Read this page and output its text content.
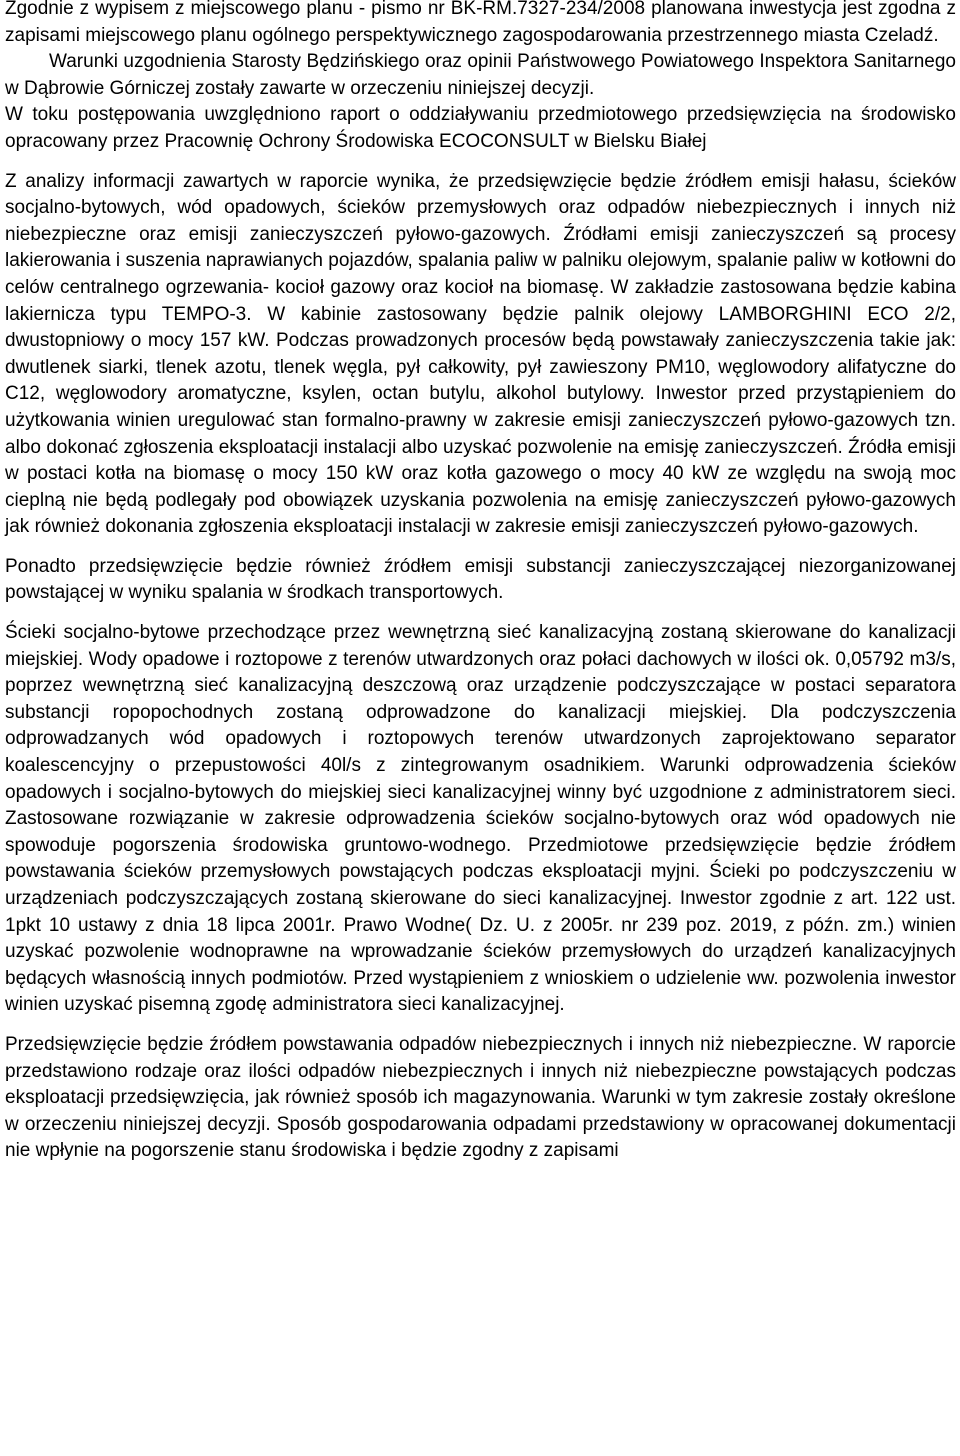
Zgodnie z wypisem z miejscowego planu - pismo nr BK-RM.7327-234/2008 planowana inwestycja jest zgodna z zapisami miejscowego planu ogólnego perspektywicznego zagospodarowania przestrzennego miasta Czeladź.

Warunki uzgodnienia Starosty Będzińskiego oraz opinii Państwowego Powiatowego Inspektora Sanitarnego w Dąbrowie Górniczej zostały zawarte w orzeczeniu niniejszej decyzji.

W toku postępowania uwzględniono raport o oddziaływaniu przedmiotowego przedsięwzięcia na środowisko opracowany przez Pracownię Ochrony Środowiska ECOCONSULT w Bielsku Białej

Z analizy informacji zawartych w raporcie wynika, że przedsięwzięcie będzie źródłem emisji hałasu, ścieków socjalno-bytowych, wód opadowych, ścieków przemysłowych oraz odpadów niebezpiecznych i innych niż niebezpieczne oraz emisji zanieczyszczeń pyłowo-gazowych. Źródłami emisji zanieczyszczeń są procesy lakierowania i suszenia naprawianych pojazdów, spalania paliw w palniku olejowym, spalanie paliw w kotłowni do celów centralnego ogrzewania- kocioł gazowy oraz kocioł na biomasę. W zakładzie zastosowana będzie kabina lakiernicza typu TEMPO-3. W kabinie zastosowany będzie palnik olejowy LAMBORGHINI ECO 2/2, dwustopniowy o mocy 157 kW. Podczas prowadzonych procesów będą powstawały zanieczyszczenia takie jak: dwutlenek siarki, tlenek azotu, tlenek węgla, pył całkowity, pył zawieszony PM10, węglowodory alifatyczne do C12, węglowodory aromatyczne, ksylen, octan butylu, alkohol butylowy. Inwestor przed przystąpieniem do użytkowania winien uregulować stan formalno-prawny w zakresie emisji zanieczyszczeń pyłowo-gazowych tzn. albo dokonać zgłoszenia eksploatacji instalacji albo uzyskać pozwolenie na emisję zanieczyszczeń. Źródła emisji w postaci kotła na biomasę o mocy 150 kW oraz kotła gazowego o mocy 40 kW ze względu na swoją moc cieplną nie będą podlegały pod obowiązek uzyskania pozwolenia na emisję zanieczyszczeń pyłowo-gazowych jak również dokonania zgłoszenia eksploatacji instalacji w zakresie emisji zanieczyszczeń pyłowo-gazowych.

Ponadto przedsięwzięcie będzie również źródłem emisji substancji zanieczyszczającej niezorganizowanej powstającej w wyniku spalania w środkach transportowych.

Ścieki socjalno-bytowe przechodzące przez wewnętrzną sieć kanalizacyjną zostaną skierowane do kanalizacji miejskiej. Wody opadowe i roztopowe z terenów utwardzonych oraz połaci dachowych w ilości ok. 0,05792 m3/s, poprzez wewnętrzną sieć kanalizacyjną deszczową oraz urządzenie podczyszczające w postaci separatora substancji ropopochodnych zostaną odprowadzone do kanalizacji miejskiej. Dla podczyszczenia odprowadzanych wód opadowych i roztopowych terenów utwardzonych zaprojektowano separator koalescencyjny o przepustowości 40l/s z zintegrowanym osadnikiem. Warunki odprowadzenia ścieków opadowych i socjalno-bytowych do miejskiej sieci kanalizacyjnej winny być uzgodnione z administratorem sieci. Zastosowane rozwiązanie w zakresie odprowadzenia ścieków socjalno-bytowych oraz wód opadowych nie spowoduje pogorszenia środowiska gruntowo-wodnego. Przedmiotowe przedsięwzięcie będzie źródłem powstawania ścieków przemysłowych powstających podczas eksploatacji myjni. Ścieki po podczyszczeniu w urządzeniach podczyszczających zostaną skierowane do sieci kanalizacyjnej. Inwestor zgodnie z art. 122 ust. 1pkt 10 ustawy z dnia 18 lipca 2001r. Prawo Wodne( Dz. U. z 2005r. nr 239 poz. 2019, z późn. zm.) winien uzyskać pozwolenie wodnoprawne na wprowadzanie ścieków przemysłowych do urządzeń kanalizacyjnych będących własnością innych podmiotów. Przed wystąpieniem z wnioskiem o udzielenie ww. pozwolenia inwestor winien uzyskać pisemną zgodę administratora sieci kanalizacyjnej.

Przedsięwzięcie będzie źródłem powstawania odpadów niebezpiecznych i innych niż niebezpieczne. W raporcie przedstawiono rodzaje oraz ilości odpadów niebezpiecznych i innych niż niebezpieczne powstających podczas eksploatacji przedsięwzięcia, jak również sposób ich magazynowania. Warunki w tym zakresie zostały określone w orzeczeniu niniejszej decyzji. Sposób gospodarowania odpadami przedstawiony w opracowanej dokumentacji nie wpłynie na pogorszenie stanu środowiska i będzie zgodny z zapisami
